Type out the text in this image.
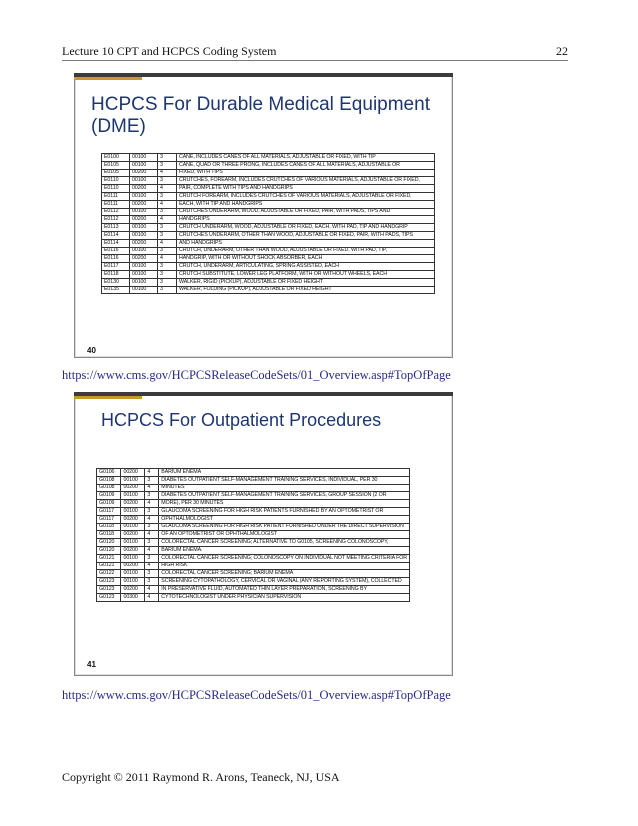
Lecture 10 CPT and HCPCS Coding System	22
HCPCS For Durable Medical Equipment (DME)
E0100	00100	3	CANE, INCLUDES CANES OF ALL MATERIALS, ADJUSTABLE OR FIXED, WITH TIP
E0105	00100	3	CANE, QUAD OR THREE PRONG, INCLUDES CANES OF ALL MATERIALS, ADJUSTABLE OR
E0105	00200	4	FIXED, WITH TIPS
E0110	00100	3	CRUTCHES, FOREARM, INCLUDES CRUTCHES OF VARIOUS MATERIALS, ADJUSTABLE OR FIXED,
E0110	00200	4	PAIR, COMPLETE WITH TIPS AND HANDGRIPS
E0111	00100	3	CRUTCH FOREARM, INCLUDES CRUTCHES OF VARIOUS MATERIALS, ADJUSTABLE OR FIXED,
E0111	00200	4	EACH, WITH TIP AND HANDGRIPS
E0112	00100	3	CRUTCHES UNDERARM, WOOD, ADJUSTABLE OR FIXED, PAIR, WITH PADS, TIPS AND
E0112	00200	4	HANDGRIPS
E0113	00100	3	CRUTCH UNDERARM, WOOD, ADJUSTABLE OR FIXED, EACH, WITH PAD, TIP AND HANDGRIP
E0114	00100	3	CRUTCHES UNDERARM, OTHER THAN WOOD, ADJUSTABLE OR FIXED, PAIR, WITH PADS, TIPS
E0114	00200	4	AND HANDGRIPS
E0116	00100	3	CRUTCH, UNDERARM, OTHER THAN WOOD, ADJUSTABLE OR FIXED, WITH PAD, TIP,
E0116	00200	4	HANDGRIP, WITH OR WITHOUT SHOCK ABSORBER, EACH
E0117	00100	3	CRUTCH, UNDERARM, ARTICULATING, SPRING ASSISTED, EACH
E0118	00100	3	CRUTCH SUBSTITUTE, LOWER LEG PLATFORM, WITH OR WITHOUT WHEELS, EACH
E0130	00100	3	WALKER, RIGID (PICKUP), ADJUSTABLE OR FIXED HEIGHT
E0135	00100	3	WALKER, FOLDING (PICKUP), ADJUSTABLE OR FIXED HEIGHT
40
https://www.cms.gov/HCPCSReleaseCodeSets/01_Overview.asp#TopOfPage
HCPCS For Outpatient Procedures
G0106	00200	4	BARIUM ENEMA
G0108	00100	3	DIABETES OUTPATIENT SELF-MANAGEMENT TRAINING SERVICES, INDIVIDUAL, PER 30
G0108	00200	4	MINUTES
G0109	00100	3	DIABETES OUTPATIENT SELF-MANAGEMENT TRAINING SERVICES, GROUP SESSION (2 OR
G0109	00200	4	MORE), PER 30 MINUTES
G0117	00100	3	GLAUCOMA SCREENING FOR HIGH RISK PATIENTS FURNISHED BY AN OPTOMETRIST OR
G0117	00200	4	OPHTHALMOLOGIST
G0118	00100	3	GLAUCOMA SCREENING FOR HIGH RISK PATIENT FURNISHED UNDER THE DIRECT SUPERVISION
G0118	00200	4	OF AN OPTOMETRIST OR OPHTHALMOLOGIST
G0120	00100	3	COLORECTAL CANCER SCREENING; ALTERNATIVE TO G0105, SCREENING COLONOSCOPY,
G0120	00200	4	BARIUM ENEMA.
G0121	00100	3	COLORECTAL CANCER SCREENING; COLONOSCOPY ON INDIVIDUAL NOT MEETING CRITERIA FOR
G0121	00200	4	HIGH RISK
G0122	00100	3	COLORECTAL CANCER SCREENING; BARIUM ENEMA
G0123	00100	3	SCREENING CYTOPATHOLOGY, CERVICAL OR VAGINAL (ANY REPORTING SYSTEM), COLLECTED
G0123	00200	4	IN PRESERVATIVE FLUID, AUTOMATED THIN LAYER PREPARATION, SCREENING BY
G0123	00300	4	CYTOTECHNOLOGIST UNDER PHYSICIAN SUPERVISION
41
https://www.cms.gov/HCPCSReleaseCodeSets/01_Overview.asp#TopOfPage
Copyright © 2011 Raymond R. Arons, Teaneck, NJ, USA
